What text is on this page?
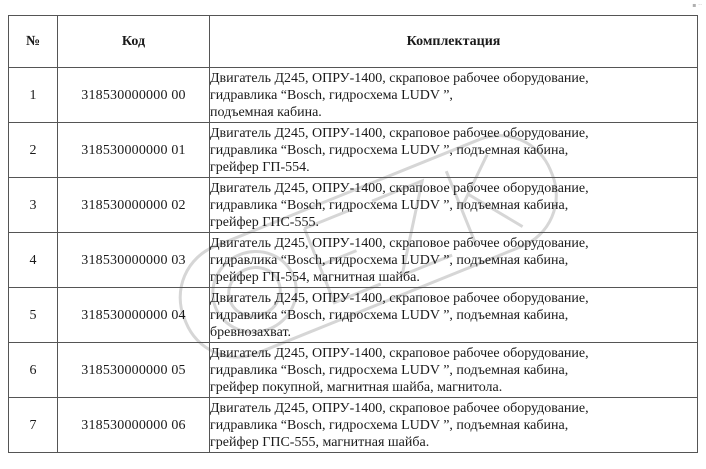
▪ ··
№	Код	Комплектация
1	318530000000 00	Двигатель Д245, ОПРУ-1400, скраповое рабочее оборудование,
гидравлика “Bosch, гидросхема LUDV ”,
подъемная кабина.

2	318530000000 01	Двигатель Д245, ОПРУ-1400, скраповое рабочее оборудование,
гидравлика “Bosch, гидросхема LUDV ”, подъемная кабина,
грейфер ГП-554.

3	318530000000 02	Двигатель Д245, ОПРУ-1400, скраповое рабочее оборудование,
гидравлика “Bosch, гидросхема LUDV ”, подъемная кабина,
грейфер ГПС-555.

4	318530000000 03	Двигатель Д245, ОПРУ-1400, скраповое рабочее оборудование,
гидравлика “Bosch, гидросхема LUDV ”, подъемная кабина,
грейфер ГП-554, магнитная шайба.

5	318530000000 04	Двигатель Д245, ОПРУ-1400, скраповое рабочее оборудование,
гидравлика “Bosch, гидросхема LUDV ”, подъемная кабина,
бревнозахват.

6	318530000000 05	Двигатель Д245, ОПРУ-1400, скраповое рабочее оборудование,
гидравлика “Bosch, гидросхема LUDV ”, подъемная кабина,
грейфер покупной, магнитная шайба, магнитола.

7	318530000000 06	Двигатель Д245, ОПРУ-1400, скраповое рабочее оборудование,
гидравлика “Bosch, гидросхема LUDV ”, подъемная кабина,
грейфер ГПС-555, магнитная шайба.
